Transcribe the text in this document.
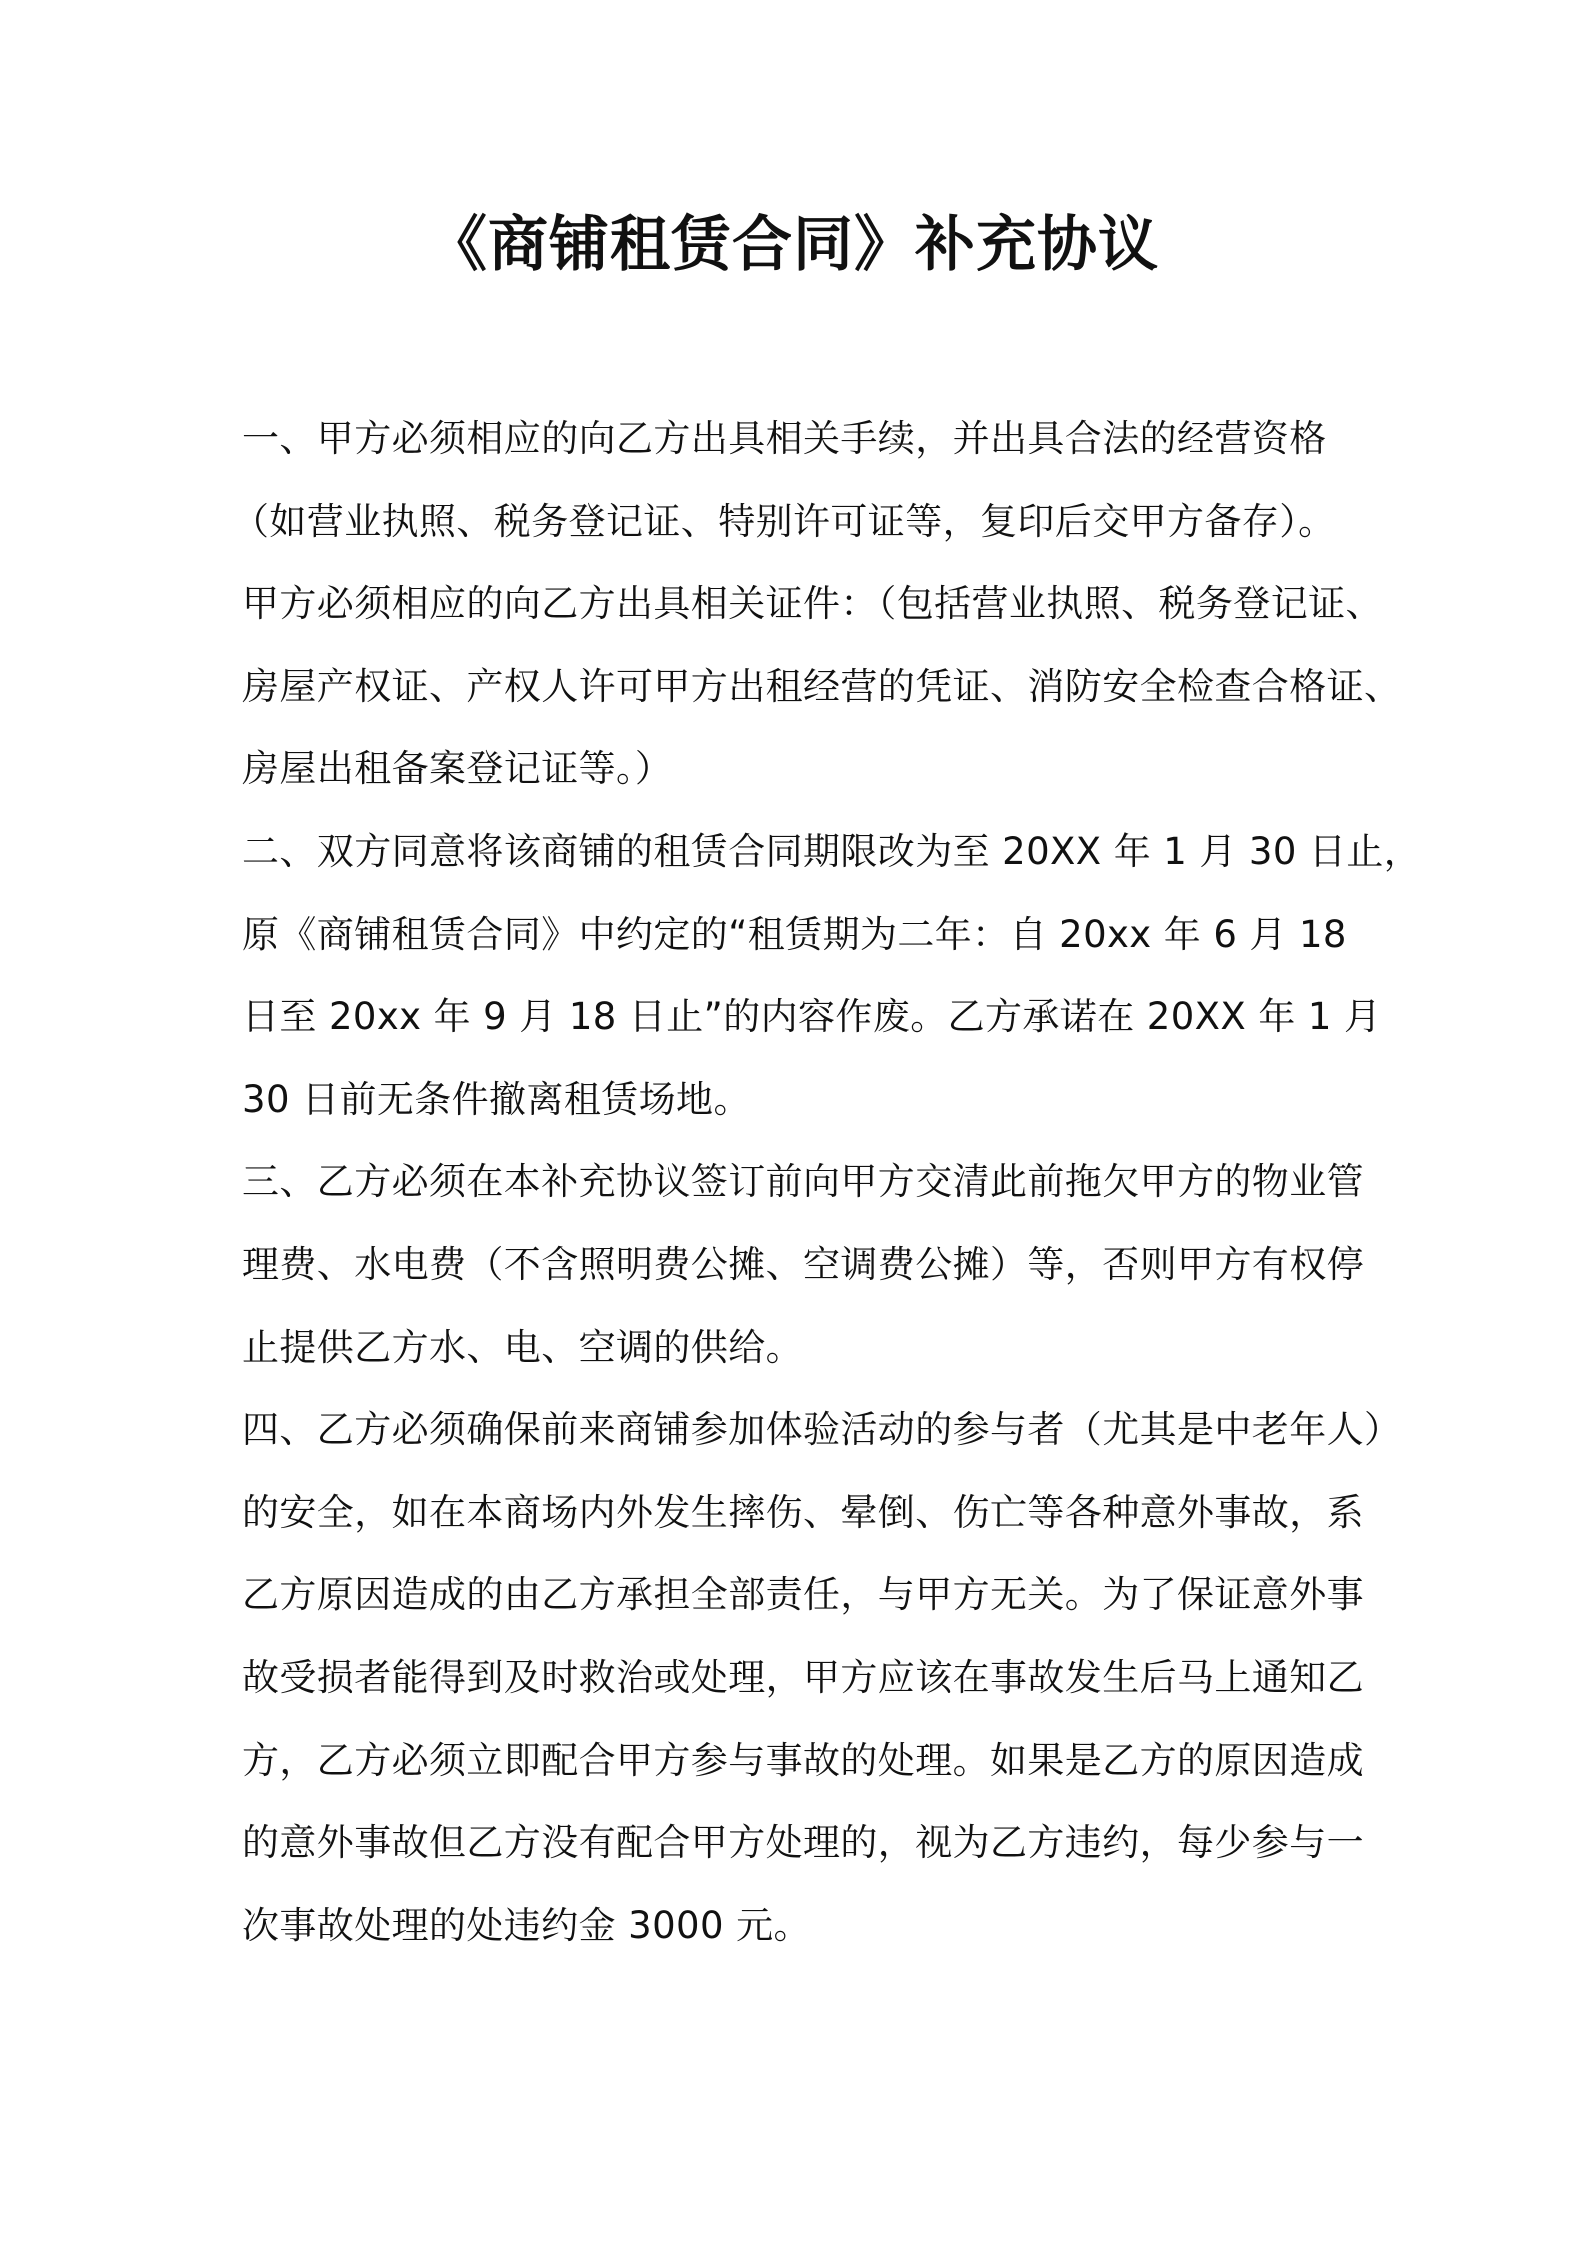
《商铺租赁合同》补充协议
一、甲方必须相应的向乙方出具相关手续，并出具合法的经营资格
（如营业执照、税务登记证、特别许可证等，复印后交甲方备存）。
甲方必须相应的向乙方出具相关证件：（包括营业执照、税务登记证、
房屋产权证、产权人许可甲方出租经营的凭证、消防安全检查合格证、
房屋出租备案登记证等。）
二、双方同意将该商铺的租赁合同期限改为至 20XX 年 1 月 30 日止，
原《商铺租赁合同》中约定的“租赁期为二年：自 20xx 年 6 月 18
日至 20xx 年 9 月 18 日止”的内容作废。乙方承诺在 20XX 年 1 月
30 日前无条件撤离租赁场地。
三、乙方必须在本补充协议签订前向甲方交清此前拖欠甲方的物业管
理费、水电费（不含照明费公摊、空调费公摊）等，否则甲方有权停
止提供乙方水、电、空调的供给。
四、乙方必须确保前来商铺参加体验活动的参与者（尤其是中老年人）
的安全，如在本商场内外发生摔伤、晕倒、伤亡等各种意外事故，系
乙方原因造成的由乙方承担全部责任，与甲方无关。为了保证意外事
故受损者能得到及时救治或处理，甲方应该在事故发生后马上通知乙
方，乙方必须立即配合甲方参与事故的处理。如果是乙方的原因造成
的意外事故但乙方没有配合甲方处理的，视为乙方违约，每少参与一
次事故处理的处违约金 3000 元。
